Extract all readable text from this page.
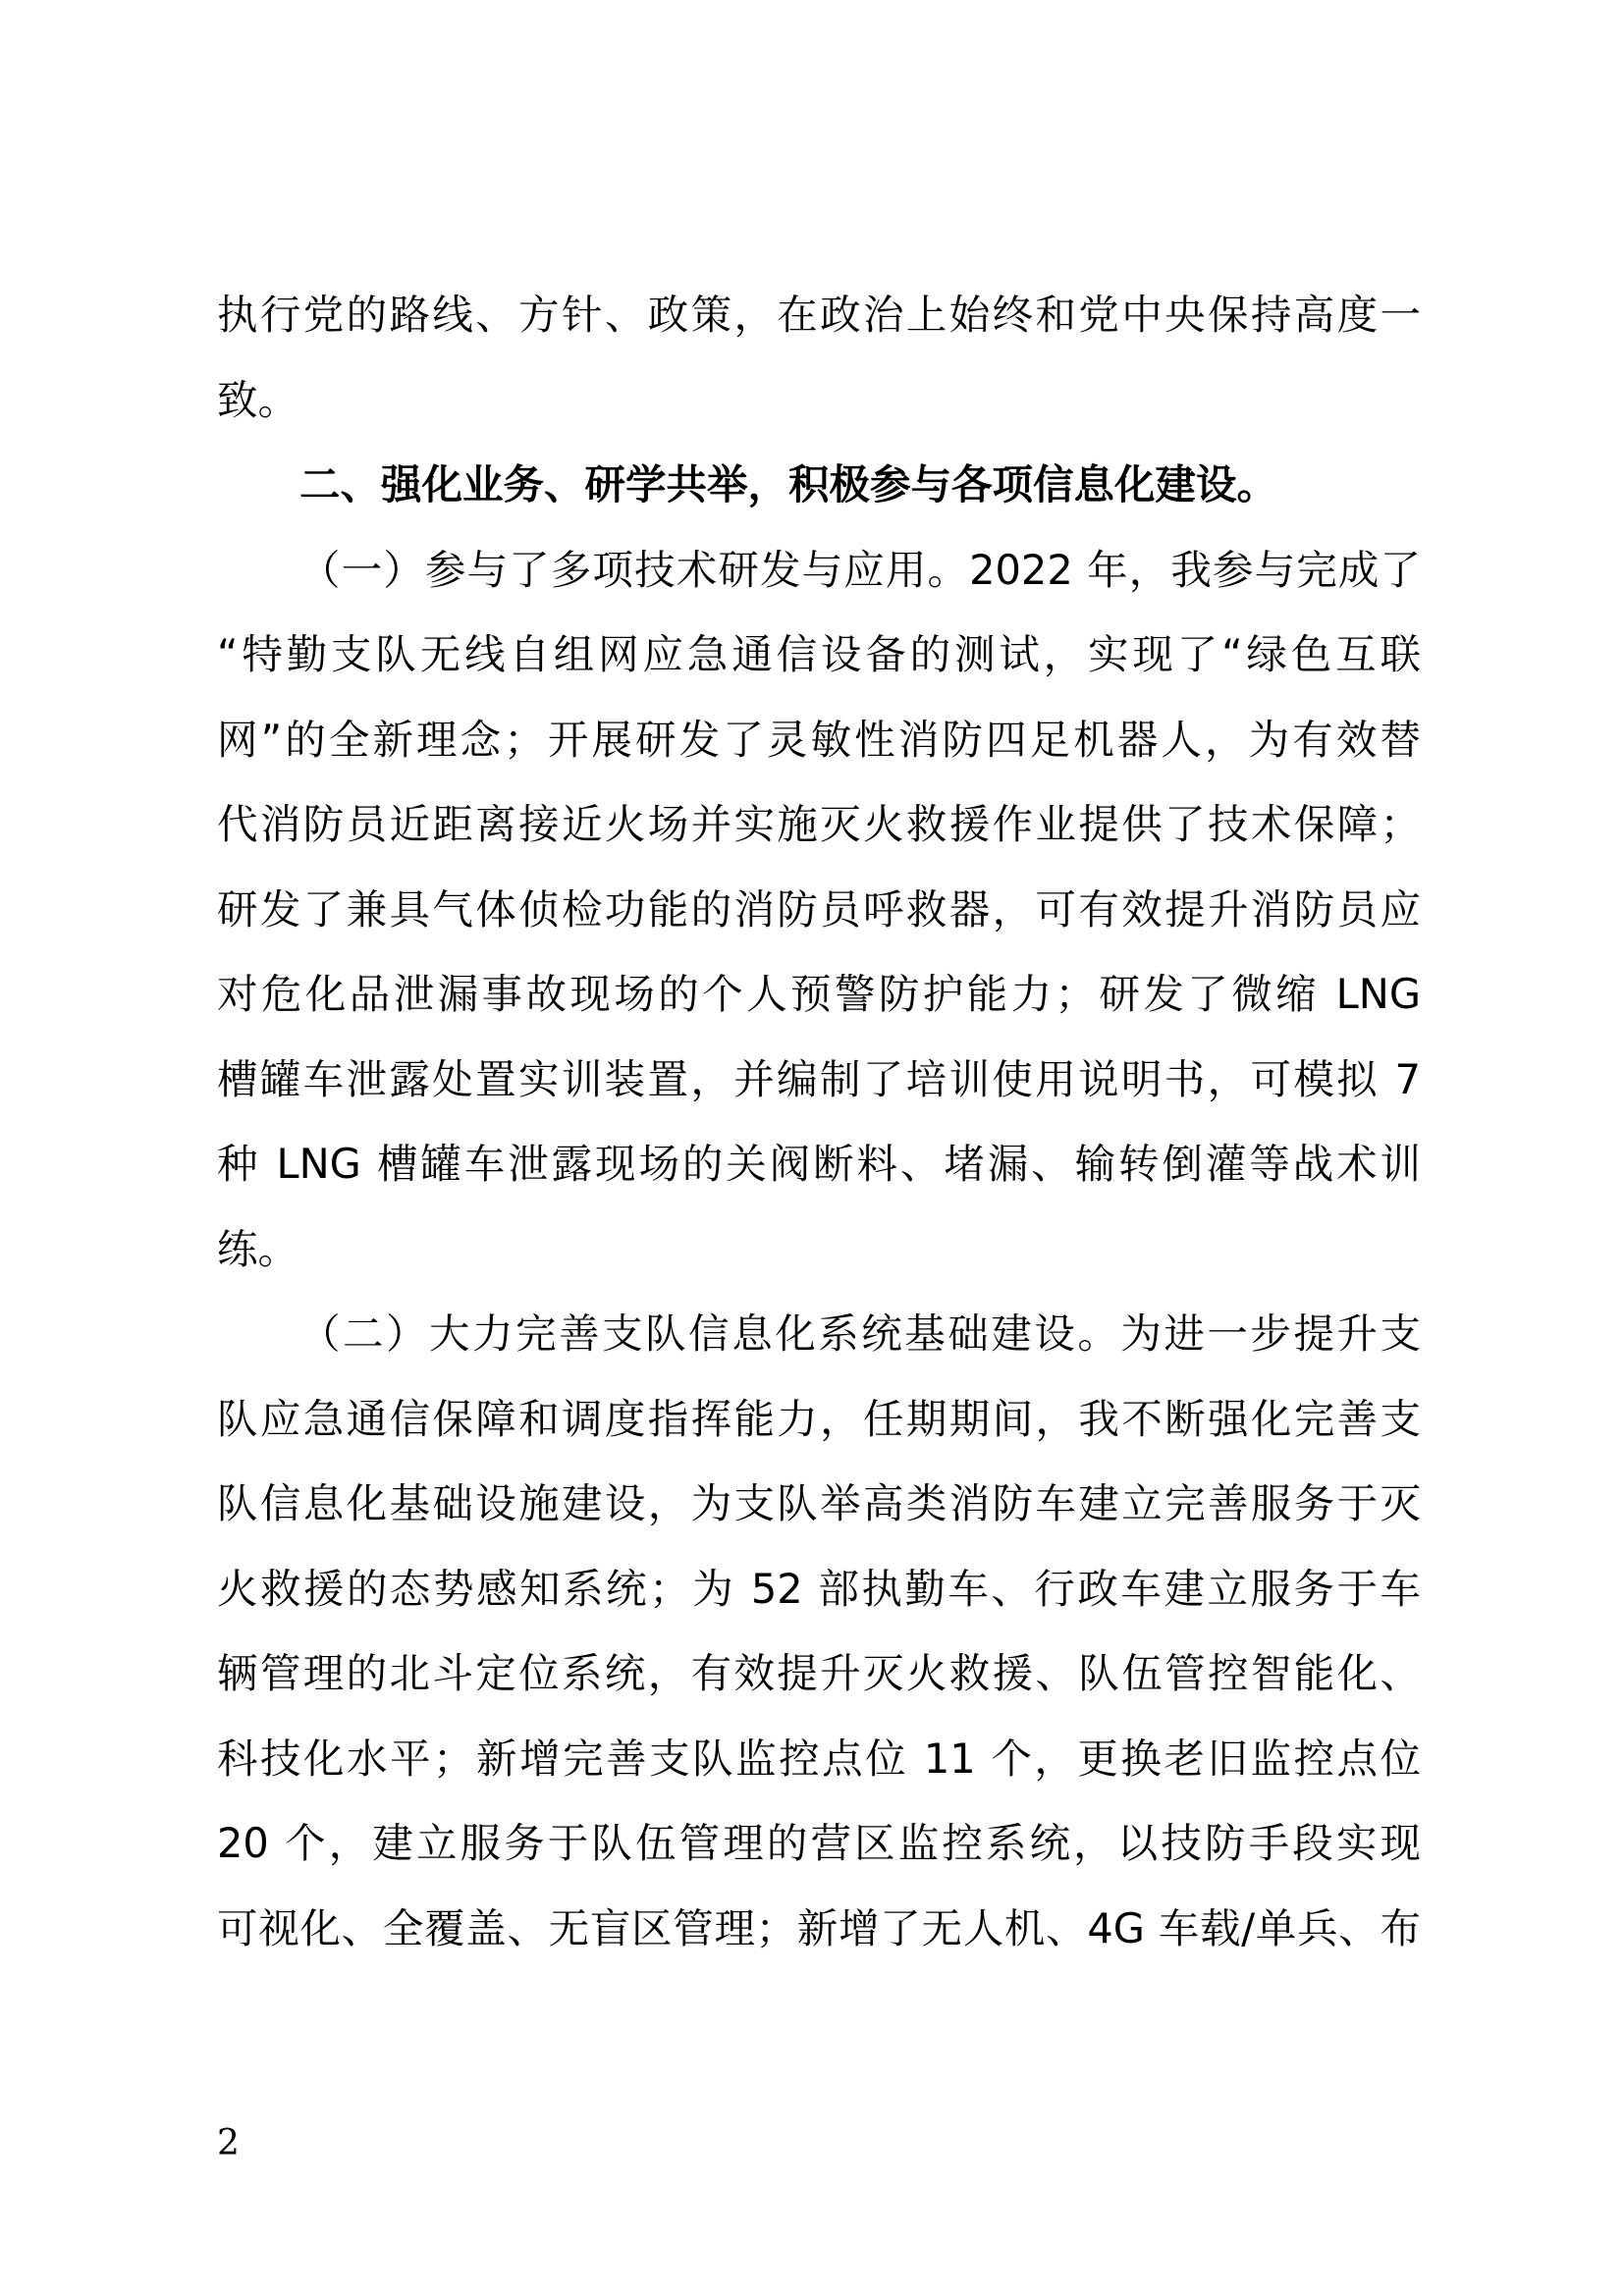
执行党的路线、方针、政策，在政治上始终和党中央保持高度一
致。
二、强化业务、研学共举，积极参与各项信息化建设。
（一）参与了多项技术研发与应用。2022 年，我参与完成了
“特勤支队无线自组网应急通信设备的测试，实现了“绿色互联
网”的全新理念；开展研发了灵敏性消防四足机器人，为有效替
代消防员近距离接近火场并实施灭火救援作业提供了技术保障；
研发了兼具气体侦检功能的消防员呼救器，可有效提升消防员应
对危化品泄漏事故现场的个人预警防护能力；研发了微缩 LNG
槽罐车泄露处置实训装置，并编制了培训使用说明书，可模拟 7
种 LNG 槽罐车泄露现场的关阀断料、堵漏、输转倒灌等战术训
练。
（二）大力完善支队信息化系统基础建设。为进一步提升支
队应急通信保障和调度指挥能力，任期期间，我不断强化完善支
队信息化基础设施建设，为支队举高类消防车建立完善服务于灭
火救援的态势感知系统；为 52 部执勤车、行政车建立服务于车
辆管理的北斗定位系统，有效提升灭火救援、队伍管控智能化、
科技化水平；新增完善支队监控点位 11 个，更换老旧监控点位
20 个，建立服务于队伍管理的营区监控系统，以技防手段实现
可视化、全覆盖、无盲区管理；新增了无人机、4G 车载/单兵、布
2
